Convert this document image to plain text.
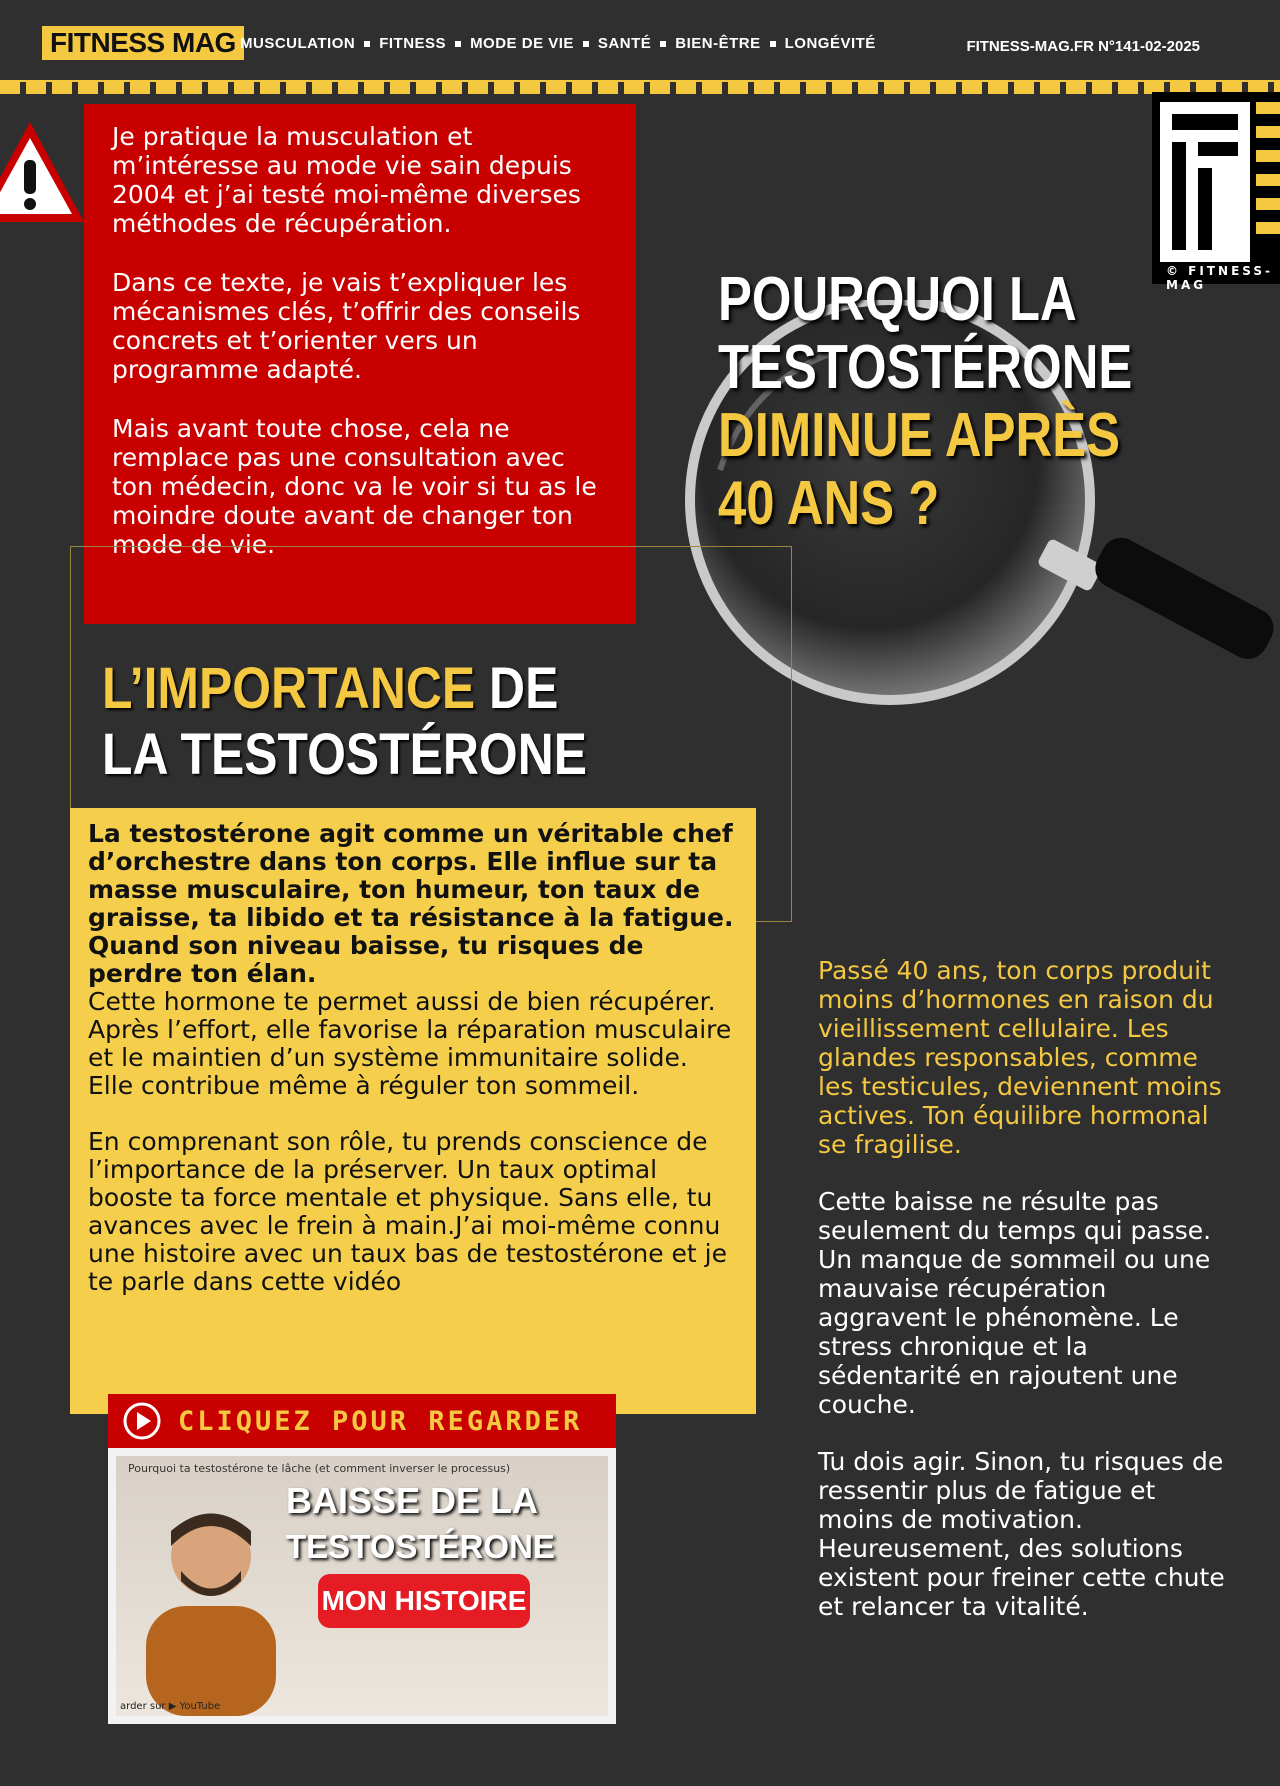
FITNESS MAG MUSCULATION FITNESS MODE DE VIE SANTÉ BIEN-ÊTRE LONGÉVITÉ	FITNESS-MAG.FR N°141-02-2025

Je pratique la musculation et m’intéresse au mode vie sain depuis 2004 et j’ai testé moi-même diverses méthodes de récupération.

Dans ce texte, je vais t’expliquer les mécanismes clés, t’offrir des conseils concrets et t’orienter vers un programme adapté.

Mais avant toute chose, cela ne remplace pas une consultation avec ton médecin, donc va le voir si tu as le moindre doute avant de changer ton mode de vie.

POURQUOI LA
TESTOSTÉRONE
DIMINUE APRÈS
40 ANS ?
© FITNESS-MAG
L’IMPORTANCE DE
LA TESTOSTÉRONE

La testostérone agit comme un véritable chef d’orchestre dans ton corps. Elle influe sur ta masse musculaire, ton humeur, ton taux de graisse, ta libido et ta résistance à la fatigue. Quand son niveau baisse, tu risques de perdre ton élan.

Cette hormone te permet aussi de bien récupérer. Après l’effort, elle favorise la réparation musculaire et le maintien d’un système immunitaire solide. Elle contribue même à réguler ton sommeil.

En comprenant son rôle, tu prends conscience de l’importance de la préserver. Un taux optimal booste ta force mentale et physique. Sans elle, tu avances avec le frein à main.J’ai moi-même connu une histoire avec un taux bas de testostérone et je te parle dans cette vidéo

CLIQUEZ POUR REGARDER
Pourquoi ta testostérone te lâche (et comment inverser le processus)
BAISSE DE LA
TESTOSTÉRONE
MON HISTOIRE
arder sur ▶ YouTube

Passé 40 ans, ton corps produit moins d’hormones en raison du vieillissement cellulaire. Les glandes responsables, comme les testicules, deviennent moins actives. Ton équilibre hormonal se fragilise.

Cette baisse ne résulte pas seulement du temps qui passe. Un manque de sommeil ou une mauvaise récupération aggravent le phénomène. Le stress chronique et la sédentarité en rajoutent une couche.

Tu dois agir. Sinon, tu risques de ressentir plus de fatigue et moins de motivation. Heureusement, des solutions existent pour freiner cette chute et relancer ta vitalité.
